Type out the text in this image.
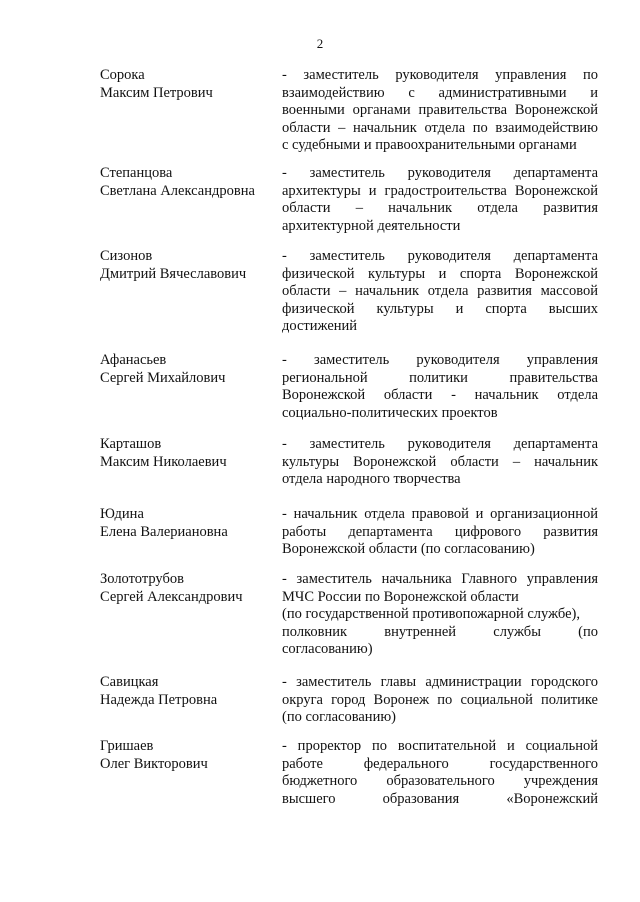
2
Сорока
Максим Петрович
- заместитель руководителя управления по
взаимодействию с административными и
военными органами правительства Воронежской
области – начальник отдела по взаимодействию
с судебными и правоохранительными органами
Степанцова
Светлана Александровна
- заместитель руководителя департамента
архитектуры и градостроительства Воронежской
области – начальник отдела развития
архитектурной деятельности
Сизонов
Дмитрий Вячеславович
- заместитель руководителя департамента
физической культуры и спорта Воронежской
области – начальник отдела развития массовой
физической культуры и спорта высших
достижений
Афанасьев
Сергей Михайлович
- заместитель руководителя управления
региональной политики правительства
Воронежской области - начальник отдела
социально-политических проектов
Карташов
Максим Николаевич
- заместитель руководителя департамента
культуры Воронежской области – начальник
отдела народного творчества
Юдина
Елена Валериановна
- начальник отдела правовой и организационной
работы департамента цифрового развития
Воронежской области (по согласованию)
Золототрубов
Сергей Александрович
- заместитель начальника Главного управления
МЧС России по Воронежской области
(по государственной противопожарной службе),
полковник внутренней службы (по
согласованию)
Савицкая
Надежда Петровна
- заместитель главы администрации городского
округа город Воронеж по социальной политике
(по согласованию)
Гришаев
Олег Викторович
- проректор по воспитательной и социальной
работе федерального государственного
бюджетного образовательного учреждения
высшего образования «Воронежский
